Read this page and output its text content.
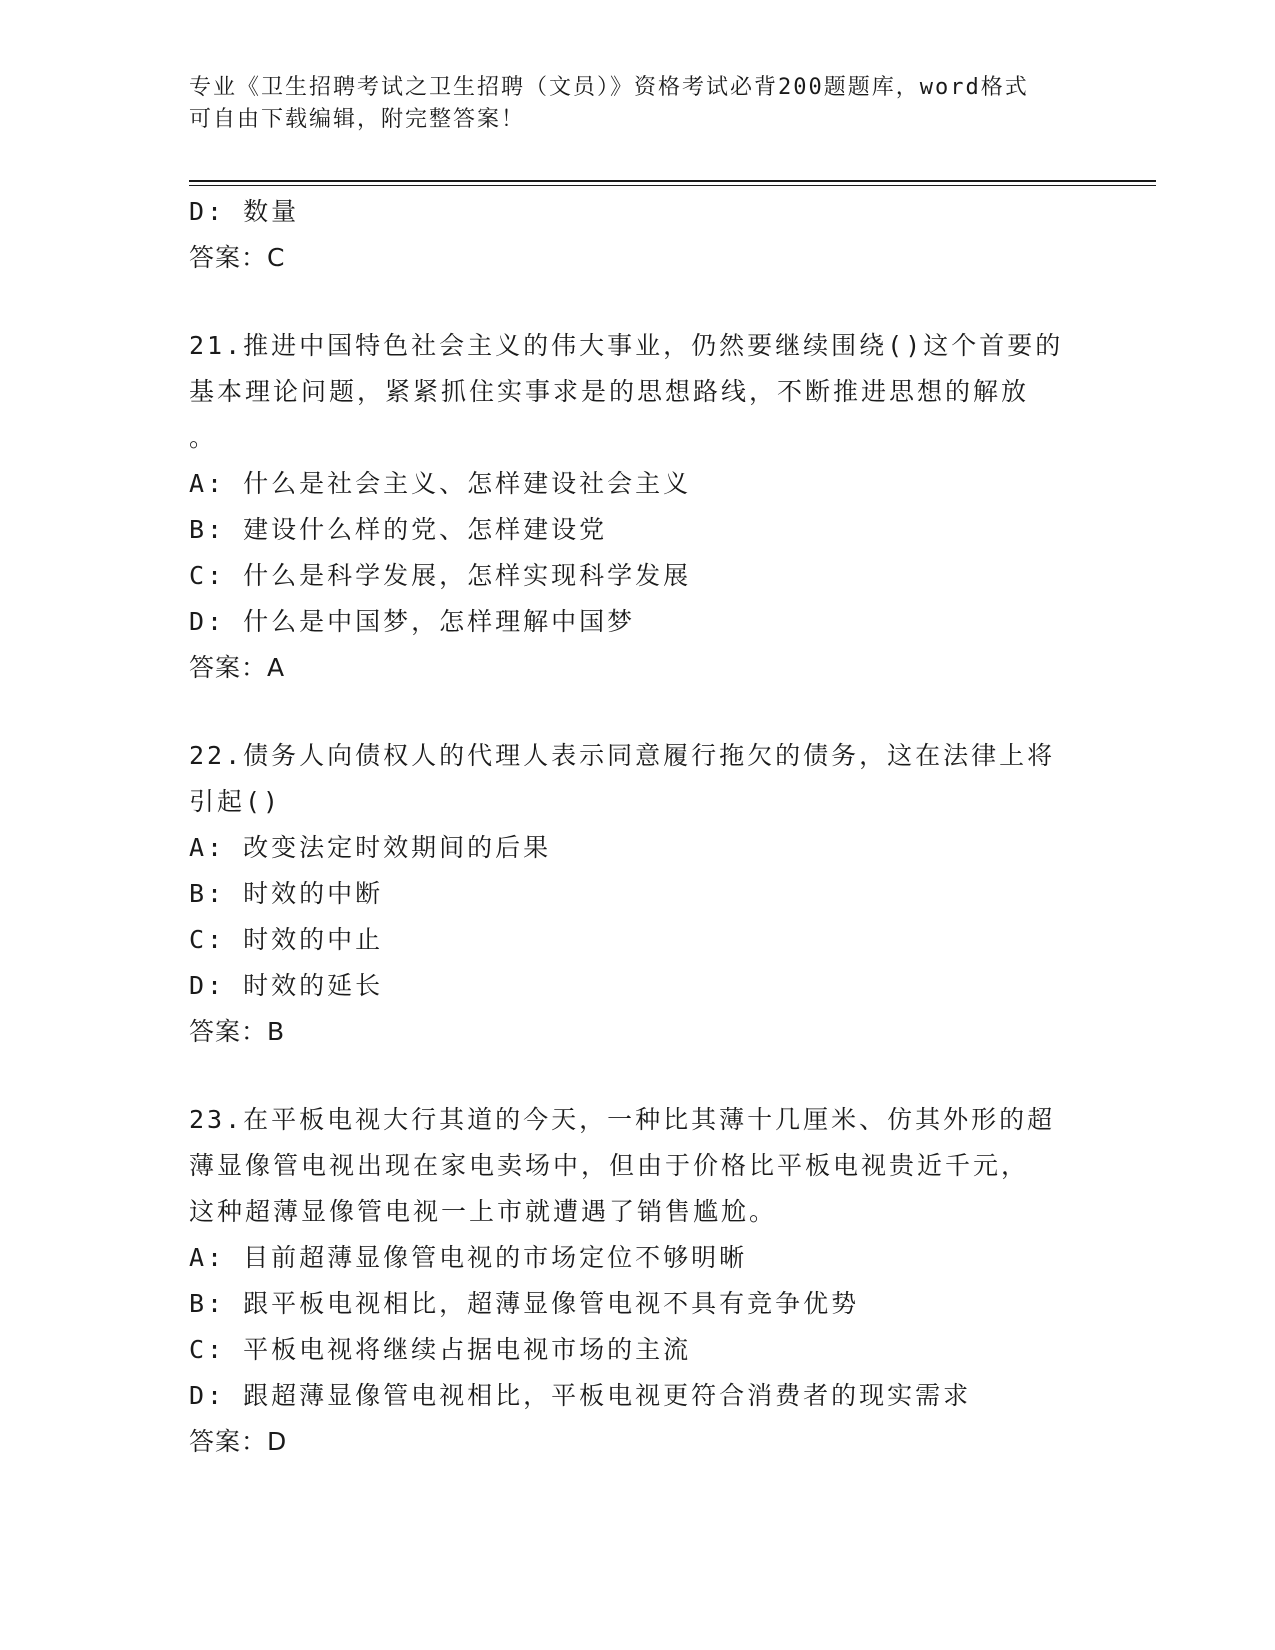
专业《卫生招聘考试之卫生招聘（文员）》资格考试必背200题题库，word格式
可自由下载编辑，附完整答案！
D: 数量
答案：C
21.推进中国特色社会主义的伟大事业，仍然要继续围绕()这个首要的
基本理论问题，紧紧抓住实事求是的思想路线，不断推进思想的解放
。
A: 什么是社会主义、怎样建设社会主义
B: 建设什么样的党、怎样建设党
C: 什么是科学发展，怎样实现科学发展
D: 什么是中国梦，怎样理解中国梦
答案：A
22.债务人向债权人的代理人表示同意履行拖欠的债务，这在法律上将
引起()
A: 改变法定时效期间的后果
B: 时效的中断
C: 时效的中止
D: 时效的延长
答案：B
23.在平板电视大行其道的今天，一种比其薄十几厘米、仿其外形的超
薄显像管电视出现在家电卖场中，但由于价格比平板电视贵近千元，
这种超薄显像管电视一上市就遭遇了销售尴尬。
A: 目前超薄显像管电视的市场定位不够明晰
B: 跟平板电视相比，超薄显像管电视不具有竞争优势
C: 平板电视将继续占据电视市场的主流
D: 跟超薄显像管电视相比，平板电视更符合消费者的现实需求
答案：D
